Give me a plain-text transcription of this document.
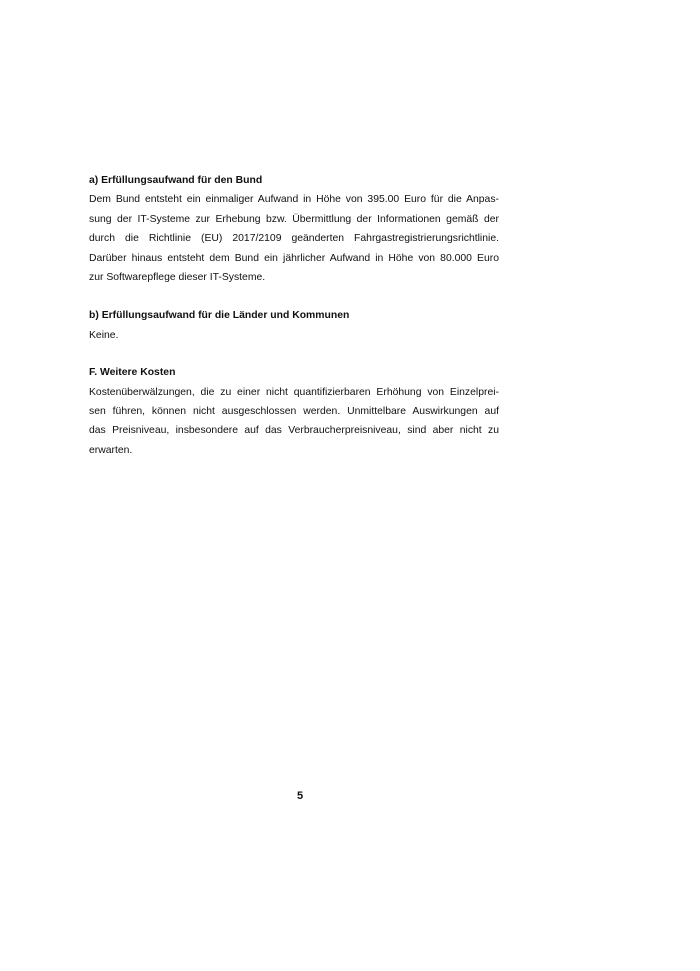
a) Erfüllungsaufwand für den Bund
Dem Bund entsteht ein einmaliger Aufwand in Höhe von 395.00 Euro für die Anpas-
sung der IT-Systeme zur Erhebung bzw. Übermittlung der Informationen gemäß der
durch die Richtlinie (EU) 2017/2109 geänderten Fahrgastregistrierungsrichtlinie.
Darüber hinaus entsteht dem Bund ein jährlicher Aufwand in Höhe von 80.000 Euro
zur Softwarepflege dieser IT-Systeme.
b) Erfüllungsaufwand für die Länder und Kommunen
Keine.
F. Weitere Kosten
Kostenüberwälzungen, die zu einer nicht quantifizierbaren Erhöhung von Einzelprei-
sen führen, können nicht ausgeschlossen werden. Unmittelbare Auswirkungen auf
das Preisniveau, insbesondere auf das Verbraucherpreisniveau, sind aber nicht zu
erwarten.
5
